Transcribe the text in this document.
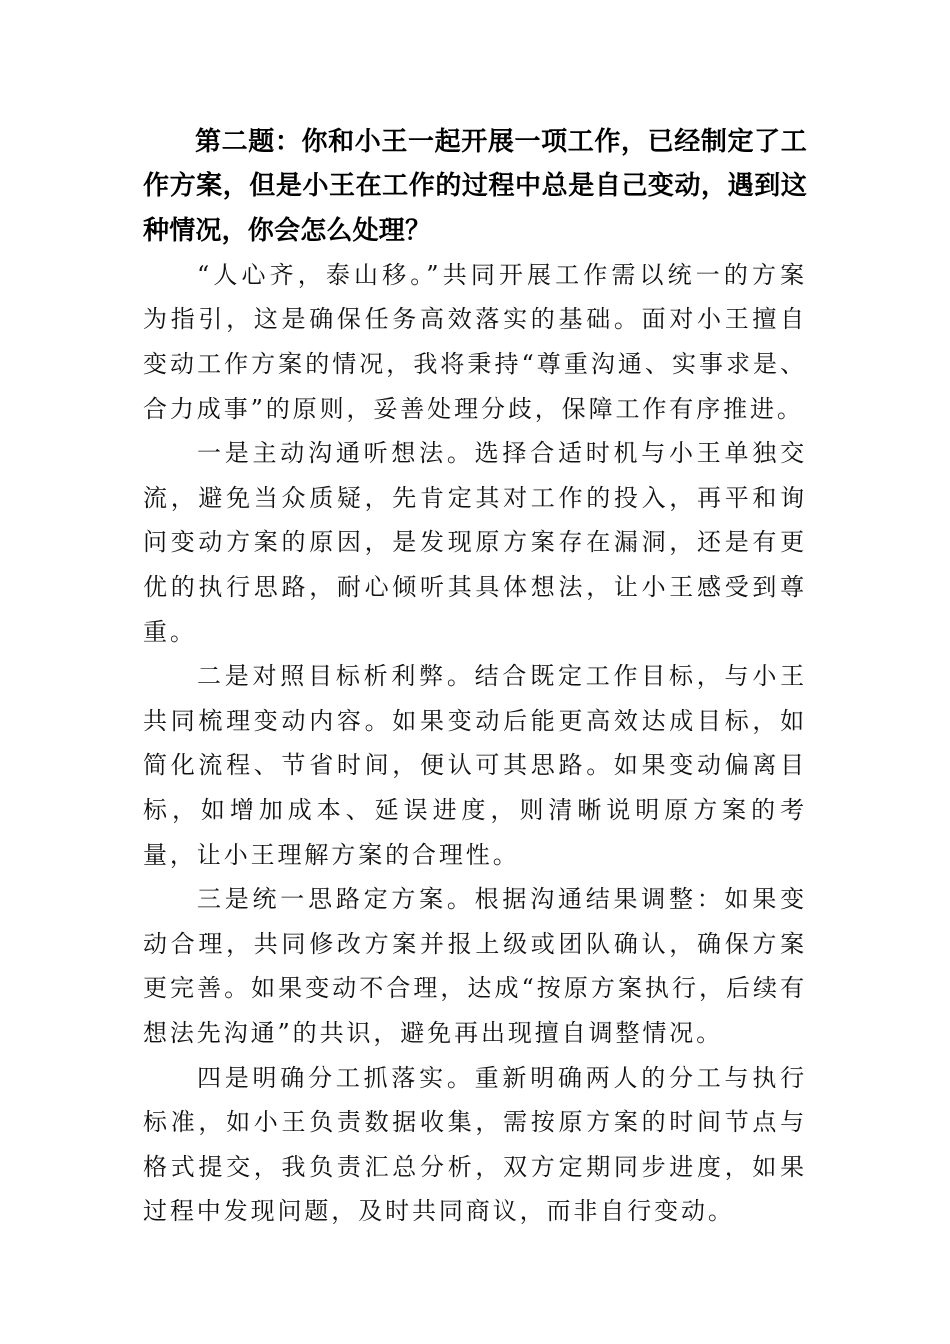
第二题：你和小王一起开展一项工作，已经制定了工作方案，但是小王在工作的过程中总是自己变动，遇到这种情况，你会怎么处理？

“人心齐，泰山移。”共同开展工作需以统一的方案为指引，这是确保任务高效落实的基础。面对小王擅自变动工作方案的情况，我将秉持“尊重沟通、实事求是、合力成事”的原则，妥善处理分歧，保障工作有序推进。

一是主动沟通听想法。选择合适时机与小王单独交流，避免当众质疑，先肯定其对工作的投入，再平和询问变动方案的原因，是发现原方案存在漏洞，还是有更优的执行思路，耐心倾听其具体想法，让小王感受到尊重。

二是对照目标析利弊。结合既定工作目标，与小王共同梳理变动内容。如果变动后能更高效达成目标，如简化流程、节省时间，便认可其思路。如果变动偏离目标，如增加成本、延误进度，则清晰说明原方案的考量，让小王理解方案的合理性。

三是统一思路定方案。根据沟通结果调整：如果变动合理，共同修改方案并报上级或团队确认，确保方案更完善。如果变动不合理，达成“按原方案执行，后续有想法先沟通”的共识，避免再出现擅自调整情况。

四是明确分工抓落实。重新明确两人的分工与执行标准，如小王负责数据收集，需按原方案的时间节点与格式提交，我负责汇总分析，双方定期同步进度，如果过程中发现问题，及时共同商议，而非自行变动。
